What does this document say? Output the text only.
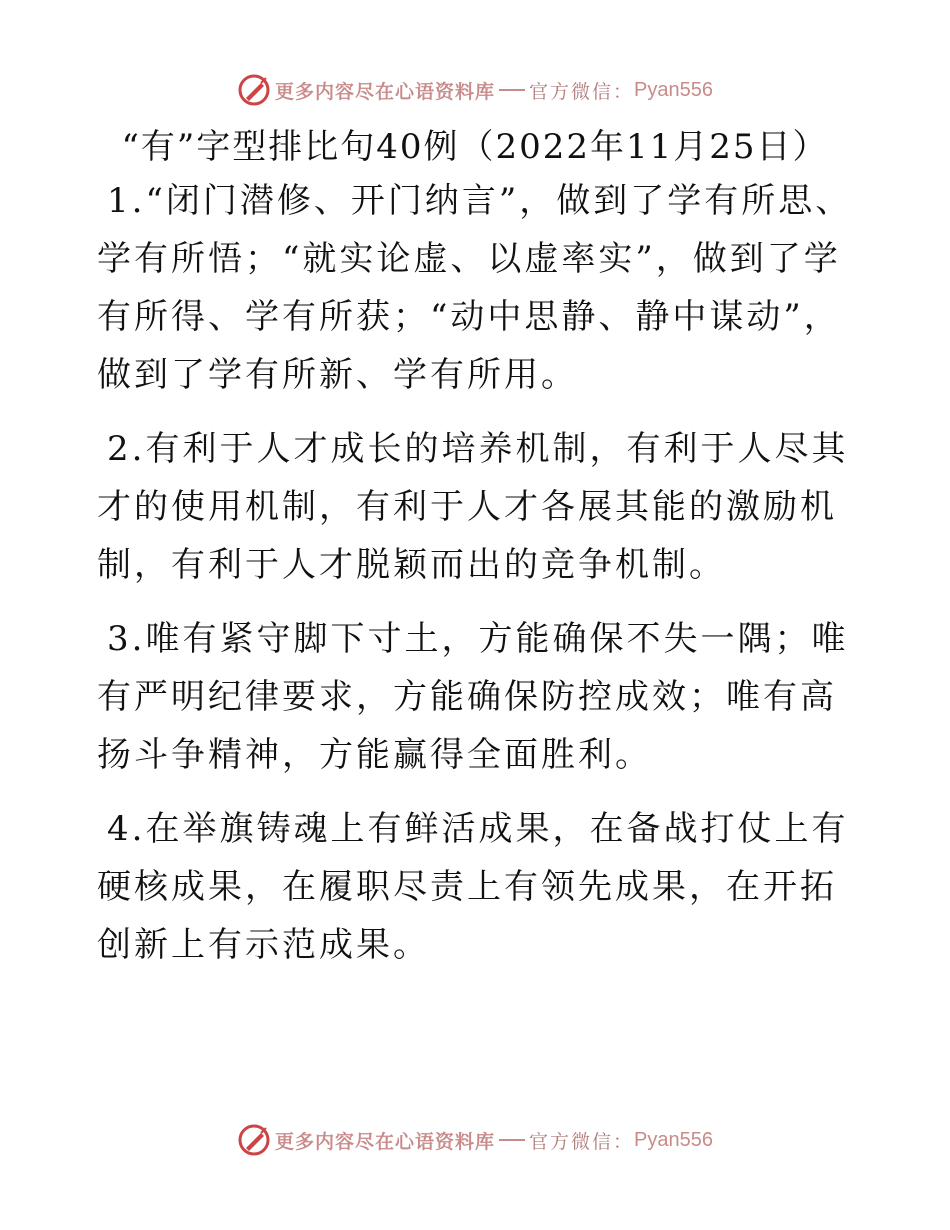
更多内容尽在心语资料库 官方微信： Pyan556
“有”字型排比句40例（2022年11月25日）

1.“闭门潜修、开门纳言”，做到了学有所思、学有所悟；“就实论虚、以虚率实”，做到了学有所得、学有所获；“动中思静、静中谋动”，做到了学有所新、学有所用。

2.有利于人才成长的培养机制，有利于人尽其才的使用机制，有利于人才各展其能的激励机制，有利于人才脱颖而出的竞争机制。

3.唯有紧守脚下寸土，方能确保不失一隅；唯有严明纪律要求，方能确保防控成效；唯有高扬斗争精神，方能赢得全面胜利。

4.在举旗铸魂上有鲜活成果，在备战打仗上有硬核成果，在履职尽责上有领先成果，在开拓创新上有示范成果。

更多内容尽在心语资料库 官方微信： Pyan556
